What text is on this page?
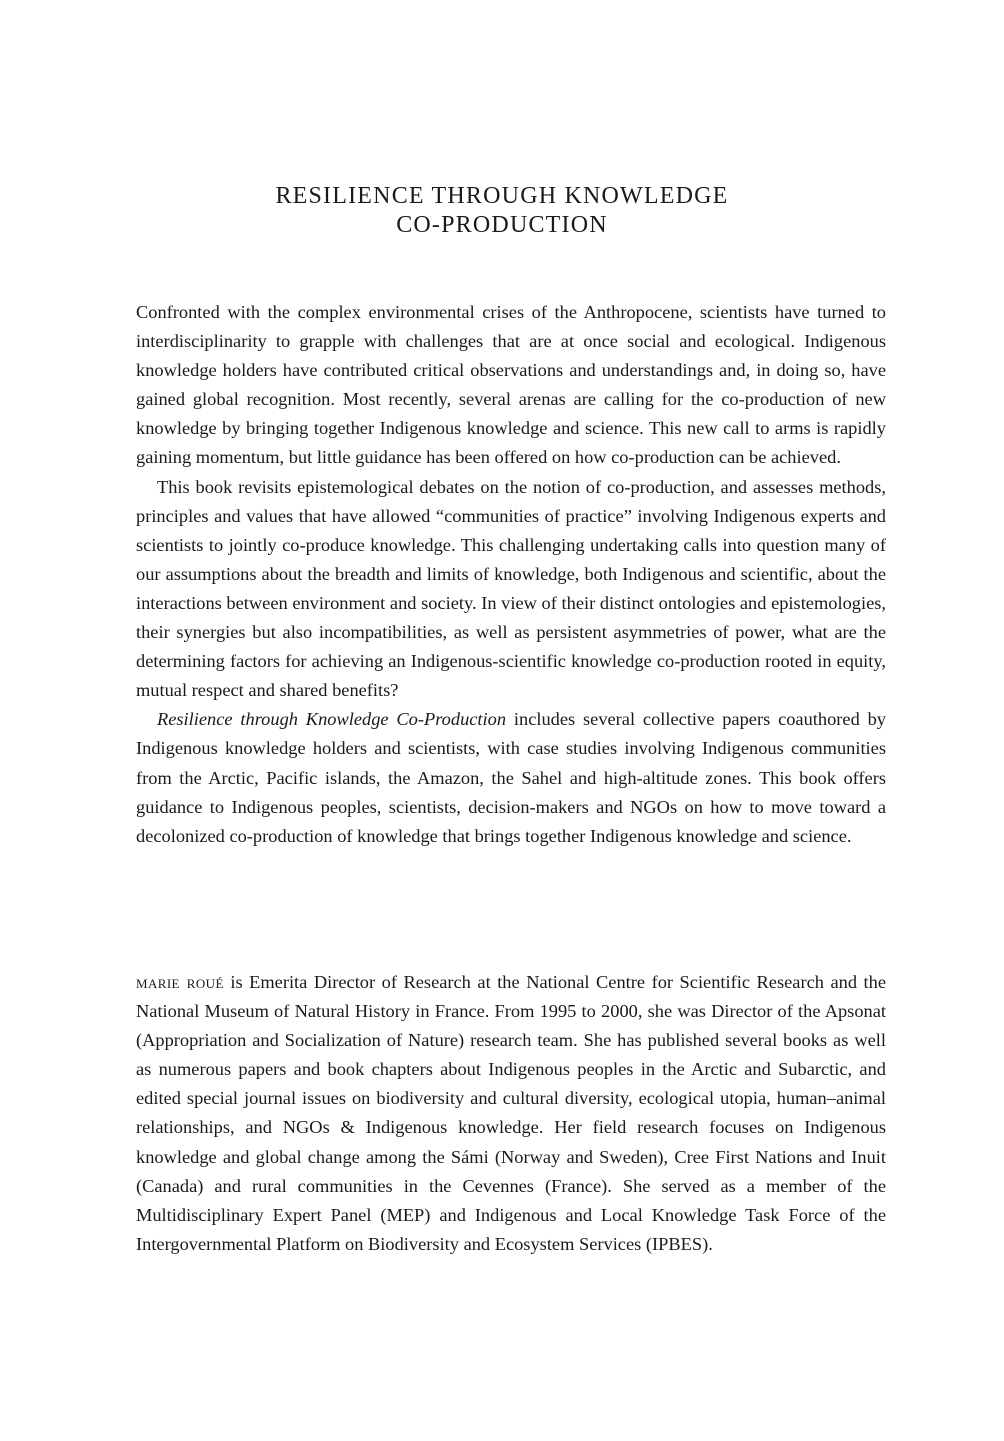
RESILIENCE THROUGH KNOWLEDGE
CO-PRODUCTION

Confronted with the complex environmental crises of the Anthropocene, scientists have turned to interdisciplinarity to grapple with challenges that are at once social and ecological. Indigenous knowledge holders have contributed critical observations and understandings and, in doing so, have gained global recognition. Most recently, several arenas are calling for the co-production of new knowledge by bringing together Indigenous knowledge and science. This new call to arms is rapidly gaining momentum, but little guidance has been offered on how co-production can be achieved.

This book revisits epistemological debates on the notion of co-production, and assesses methods, principles and values that have allowed “communities of practice” involving Indigenous experts and scientists to jointly co-produce knowledge. This challenging undertaking calls into question many of our assumptions about the breadth and limits of knowledge, both Indigenous and scientific, about the interactions between environment and society. In view of their distinct ontologies and epistemologies, their synergies but also incompatibilities, as well as persistent asymmetries of power, what are the determining factors for achieving an Indigenous-scientific knowledge co-production rooted in equity, mutual respect and shared benefits?

Resilience through Knowledge Co-Production includes several collective papers coauthored by Indigenous knowledge holders and scientists, with case studies involving Indigenous communities from the Arctic, Pacific islands, the Amazon, the Sahel and high-altitude zones. This book offers guidance to Indigenous peoples, scientists, decision-makers and NGOs on how to move toward a decolonized co-production of knowledge that brings together Indigenous knowledge and science.

marie roué is Emerita Director of Research at the National Centre for Scientific Research and the National Museum of Natural History in France. From 1995 to 2000, she was Director of the Apsonat (Appropriation and Socialization of Nature) research team. She has published several books as well as numerous papers and book chapters about Indigenous peoples in the Arctic and Subarctic, and edited special journal issues on biodiversity and cultural diversity, ecological utopia, human–animal relationships, and NGOs & Indigenous knowledge. Her field research focuses on Indigenous knowledge and global change among the Sámi (Norway and Sweden), Cree First Nations and Inuit (Canada) and rural communities in the Cevennes (France). She served as a member of the Multidisciplinary Expert Panel (MEP) and Indigenous and Local Knowledge Task Force of the Intergovernmental Platform on Biodiversity and Ecosystem Services (IPBES).
